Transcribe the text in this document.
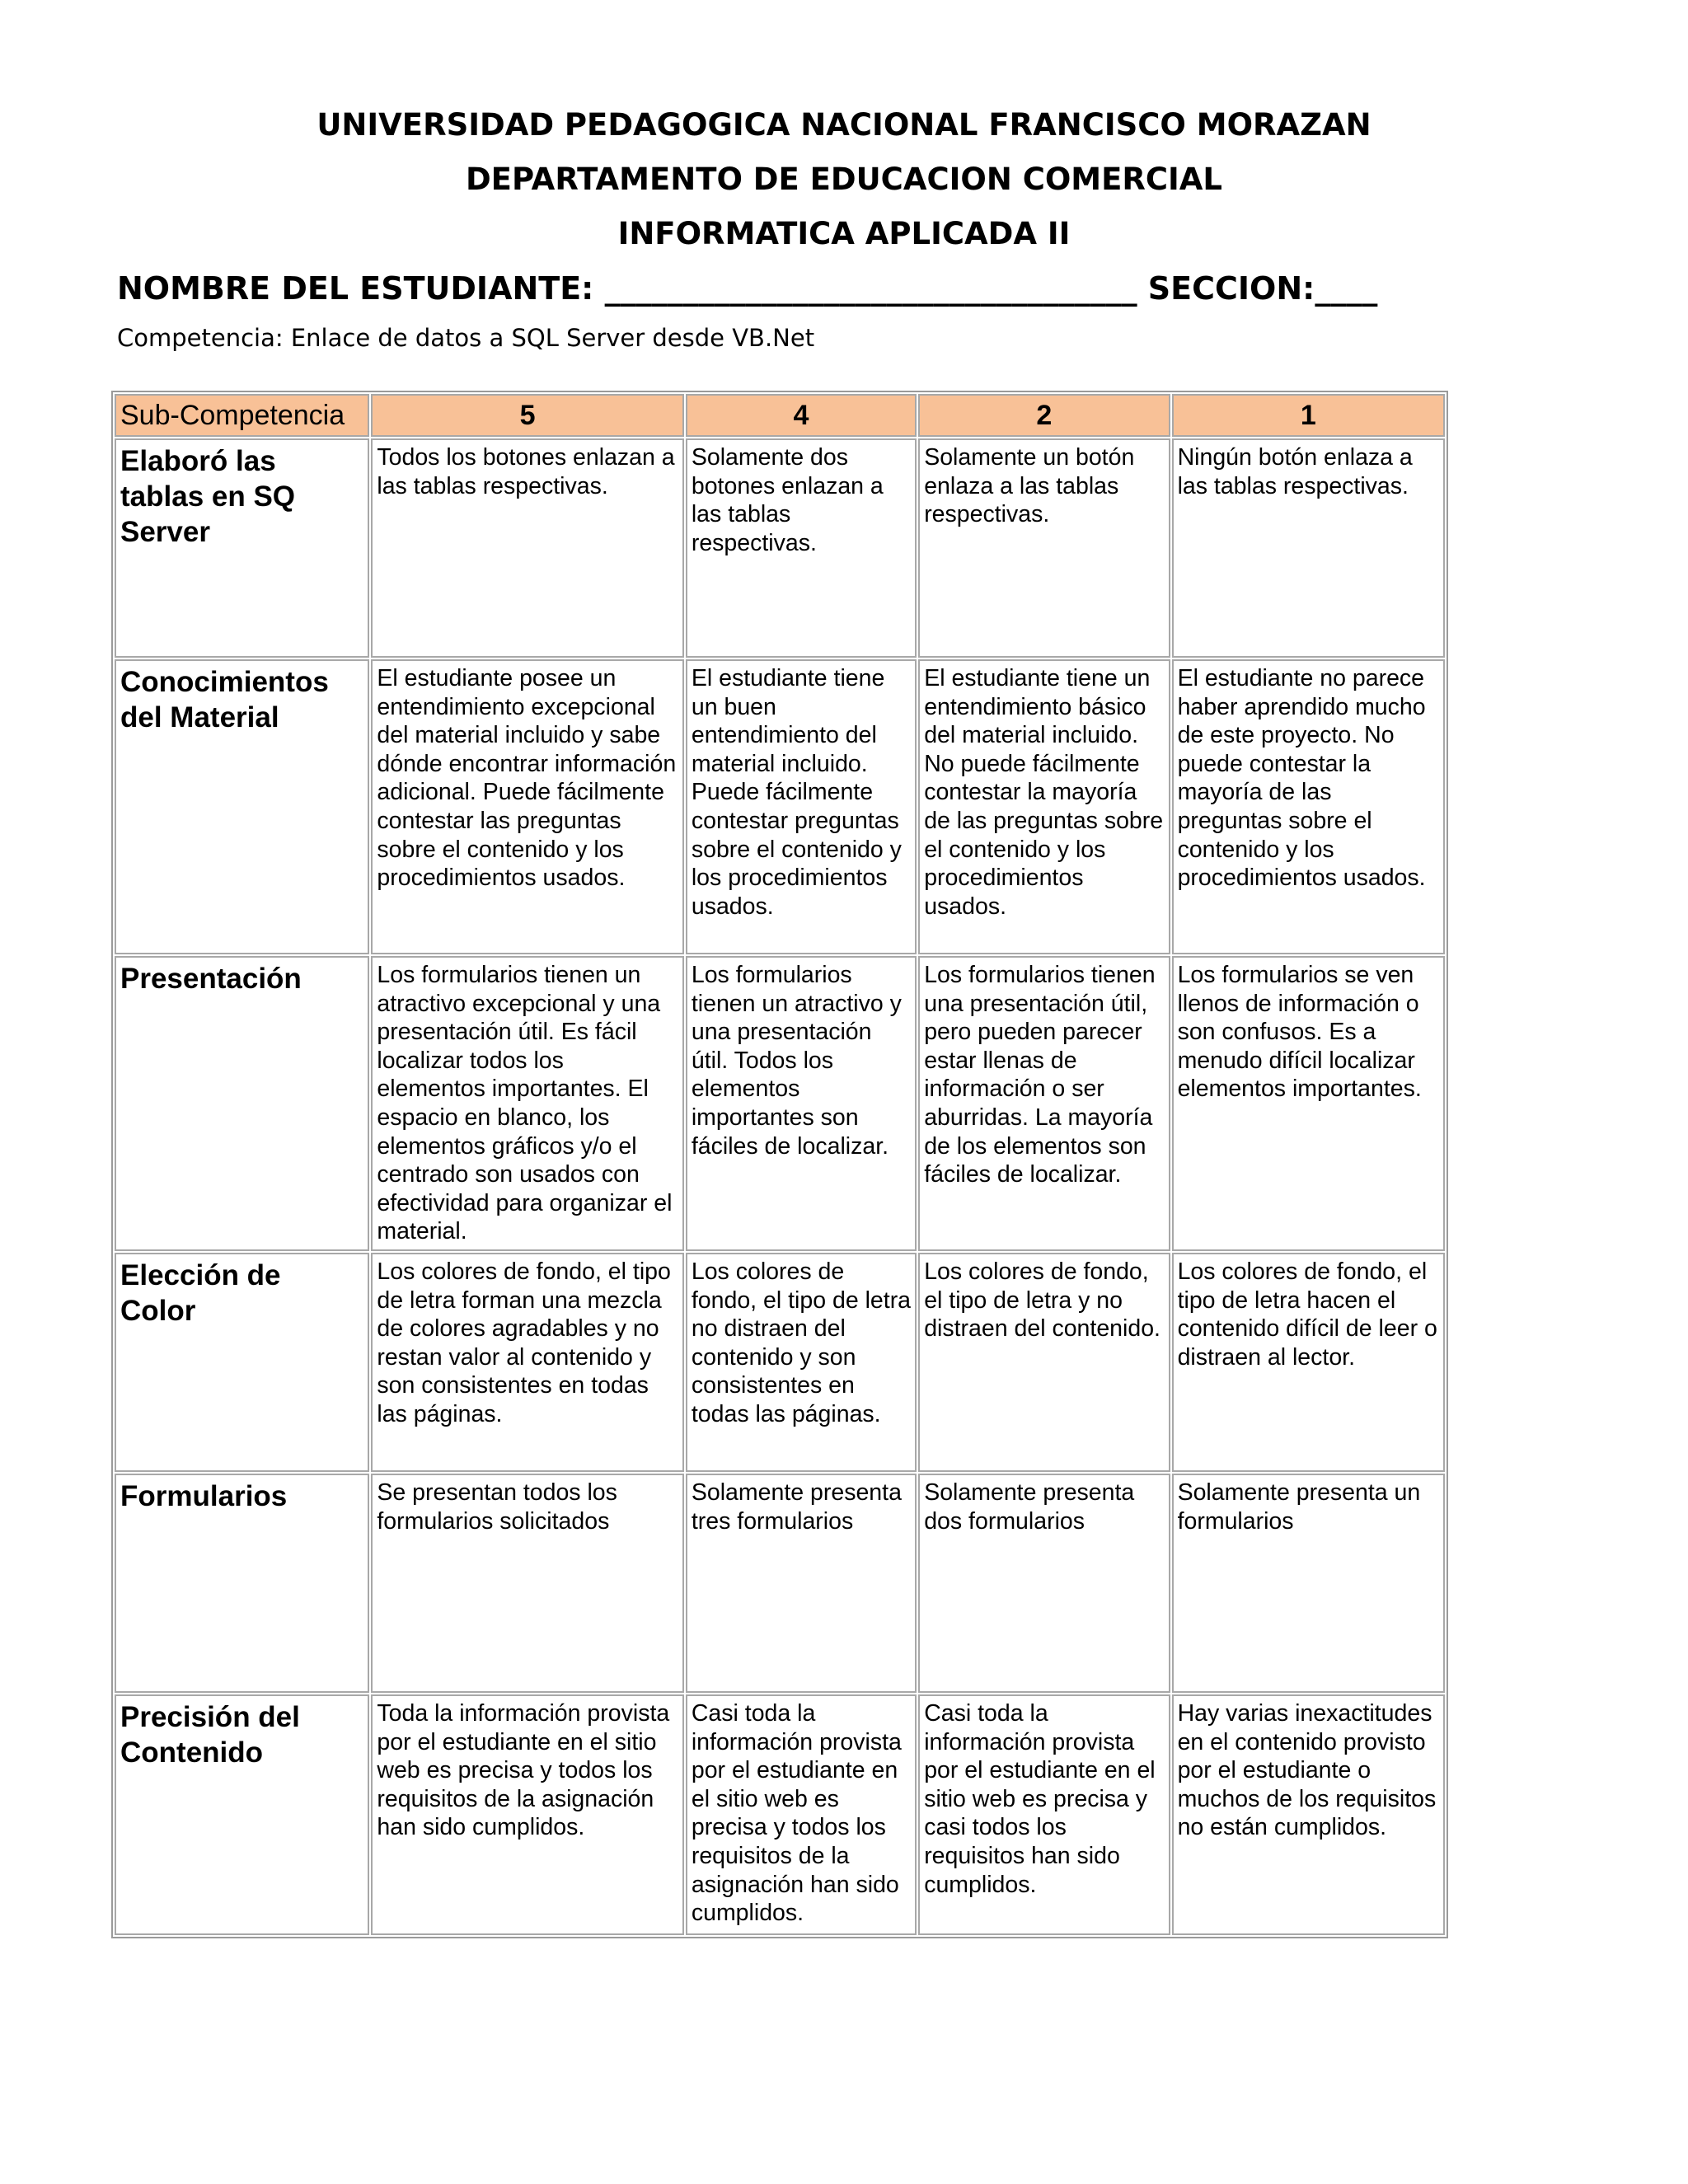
UNIVERSIDAD PEDAGOGICA NACIONAL FRANCISCO MORAZAN
DEPARTAMENTO DE EDUCACION COMERCIAL
INFORMATICA APLICADA II
NOMBRE DEL ESTUDIANTE: __________________________________ SECCION:____
Competencia: Enlace de datos a SQL Server desde VB.Net
Sub-Competencia	5	4	2	1
Elaboró las tablas en SQ Server	Todos los botones enlazan a las tablas respectivas.	Solamente dos botones enlazan a las tablas respectivas.	Solamente un botón enlaza a las tablas respectivas.	Ningún botón enlaza a las tablas respectivas.
Conocimientos del Material	El estudiante posee un entendimiento excepcional del material incluido y sabe dónde encontrar información adicional. Puede fácilmente contestar las preguntas sobre el contenido y los procedimientos usados.	El estudiante tiene un buen entendimiento del material incluido. Puede fácilmente contestar preguntas sobre el contenido y los procedimientos usados.	El estudiante tiene un entendimiento básico del material incluido. No puede fácilmente contestar la mayoría de las preguntas sobre el contenido y los procedimientos usados.	El estudiante no parece haber aprendido mucho de este proyecto. No puede contestar la mayoría de las preguntas sobre el contenido y los procedimientos usados.
Presentación	Los formularios tienen un atractivo excepcional y una presentación útil. Es fácil localizar todos los elementos importantes. El espacio en blanco, los elementos gráficos y/o el centrado son usados con efectividad para organizar el material.	Los formularios tienen un atractivo y una presentación útil. Todos los elementos importantes son fáciles de localizar.	Los formularios tienen una presentación útil, pero pueden parecer estar llenas de información o ser aburridas. La mayoría de los elementos son fáciles de localizar.	Los formularios se ven llenos de información o son confusos. Es a menudo difícil localizar elementos importantes.
Elección de Color	Los colores de fondo, el tipo de letra forman una mezcla de colores agradables y no restan valor al contenido y son consistentes en todas las páginas.	Los colores de fondo, el tipo de letra no distraen del contenido y son consistentes en todas las páginas.	Los colores de fondo, el tipo de letra y no distraen del contenido.	Los colores de fondo, el tipo de letra hacen el contenido difícil de leer o distraen al lector.
Formularios	Se presentan todos los formularios solicitados	Solamente presenta tres formularios	Solamente presenta dos formularios	Solamente presenta un formularios
Precisión del Contenido	Toda la información provista por el estudiante en el sitio web es precisa y todos los requisitos de la asignación han sido cumplidos.	Casi toda la información provista por el estudiante en el sitio web es precisa y todos los requisitos de la asignación han sido cumplidos.	Casi toda la información provista por el estudiante en el sitio web es precisa y casi todos los requisitos han sido cumplidos.	Hay varias inexactitudes en el contenido provisto por el estudiante o muchos de los requisitos no están cumplidos.
